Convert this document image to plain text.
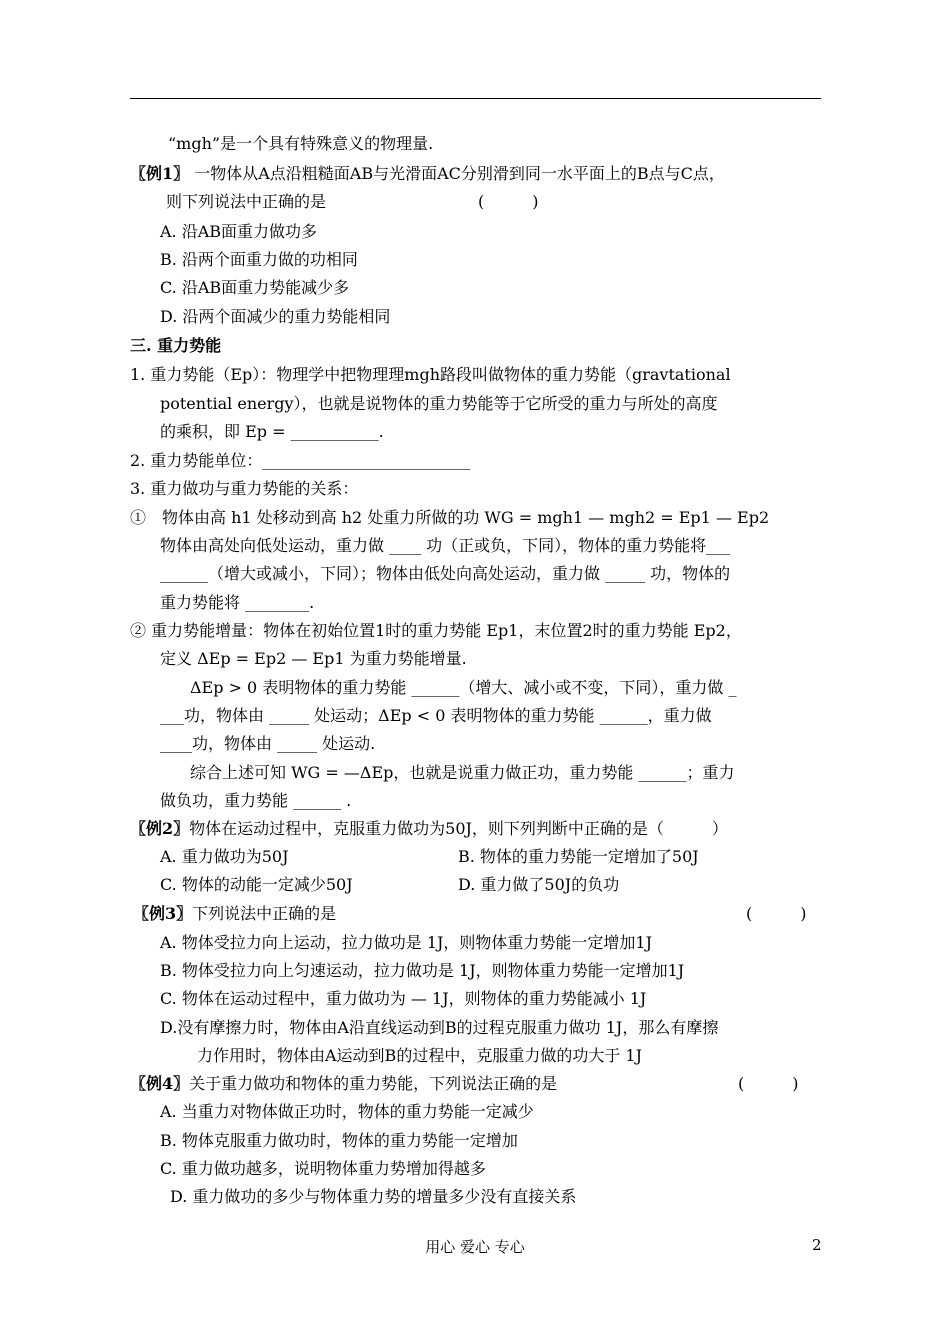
“mgh”是一个具有特殊意义的物理量.
〖例1〗 一物体从A点沿粗糙面AB与光滑面AC分别滑到同一水平面上的B点与C点，
则下列说法中正确的是	(　　　)
A. 沿AB面重力做功多
B. 沿两个面重力做的功相同
C. 沿AB面重力势能减少多
D. 沿两个面减少的重力势能相同
三. 重力势能
1. 重力势能（Ep）：物理学中把物理理mgh路段叫做物体的重力势能（gravtational
potential energy），也就是说物体的重力势能等于它所受的重力与所处的高度
的乘积，即 Ep = ___________.
2. 重力势能单位：__________________________
3. 重力做功与重力势能的关系：
①　物体由高 h1 处移动到高 h2 处重力所做的功 WG = mgh1 — mgh2 = Ep1 — Ep2
物体由高处向低处运动，重力做 ____ 功（正或负，下同），物体的重力势能将___
______（增大或减小，下同）；物体由低处向高处运动，重力做 _____ 功，物体的
重力势能将 ________.
② 重力势能增量：物体在初始位置1时的重力势能 Ep1，末位置2时的重力势能 Ep2，
定义 ΔEp = Ep2 — Ep1 为重力势能增量.
ΔEp > 0 表明物体的重力势能 ______（增大、减小或不变，下同），重力做 _
___功，物体由 _____ 处运动；ΔEp < 0 表明物体的重力势能 ______，重力做
____功，物体由 _____ 处运动.
综合上述可知 WG = —ΔEp，也就是说重力做正功，重力势能 ______；重力
做负功，重力势能 ______ .
〖例2〗物体在运动过程中，克服重力做功为50J，则下列判断中正确的是（　　　）
A. 重力做功为50J	B. 物体的重力势能一定增加了50J
C. 物体的动能一定减少50J	D. 重力做了50J的负功
〖例3〗下列说法中正确的是	(　　　)
A. 物体受拉力向上运动，拉力做功是 1J，则物体重力势能一定增加1J
B. 物体受拉力向上匀速运动，拉力做功是 1J，则物体重力势能一定增加1J
C. 物体在运动过程中，重力做功为 — 1J，则物体的重力势能减小 1J
D.没有摩擦力时，物体由A沿直线运动到B的过程克服重力做功 1J，那么有摩擦
力作用时，物体由A运动到B的过程中，克服重力做的功大于 1J
〖例4〗关于重力做功和物体的重力势能，下列说法正确的是	(　　　)
A. 当重力对物体做正功时，物体的重力势能一定减少
B. 物体克服重力做功时，物体的重力势能一定增加
C. 重力做功越多，说明物体重力势增加得越多
D. 重力做功的多少与物体重力势的增量多少没有直接关系
用心 爱心 专心	2
